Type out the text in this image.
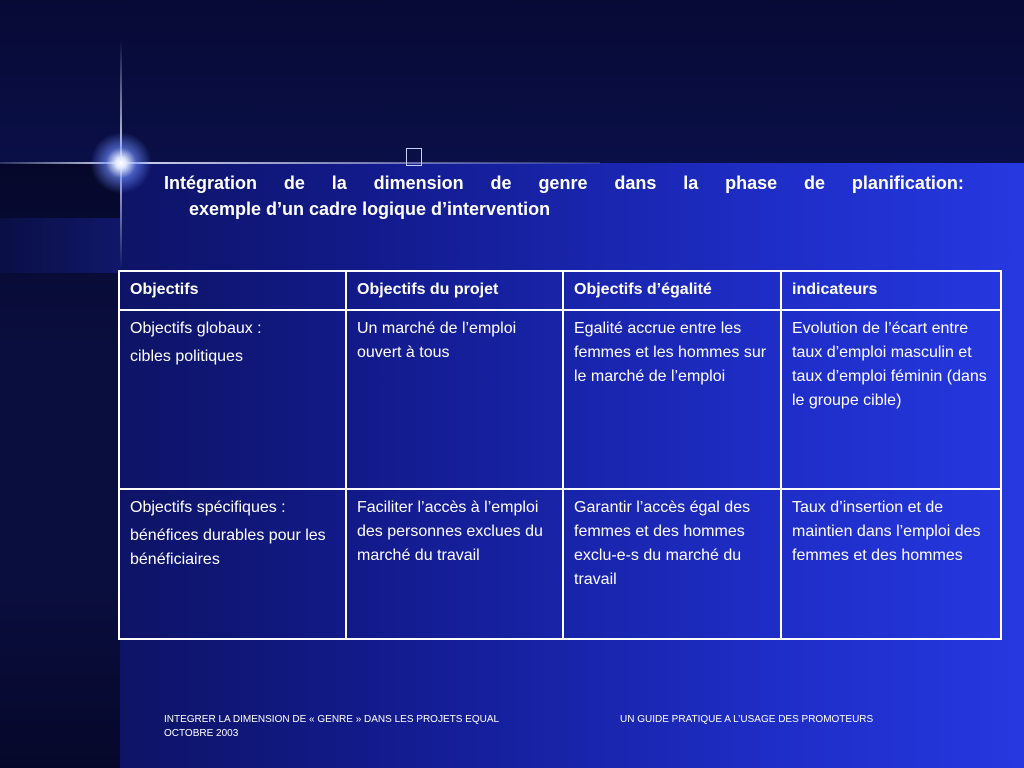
Intégration de la dimension de genre dans la phase de planification:
exemple d’un cadre logique d’intervention
Objectifs	Objectifs du projet	Objectifs d’égalité	indicateurs

Objectifs globaux :

cibles politiques	Un marché de l’emploi ouvert à tous	Egalité accrue entre les femmes et les hommes sur le marché de l’emploi	Evolution de l’écart entre taux d’emploi masculin et taux d’emploi féminin (dans le groupe cible)

Objectifs spécifiques :

bénéfices durables pour les bénéficiaires	Faciliter l’accès à l’emploi des personnes exclues du marché du travail	Garantir l’accès égal des femmes et des hommes exclu-e-s du marché du travail	Taux d’insertion et de maintien dans l’emploi des femmes et des hommes
INTEGRER LA DIMENSION DE « GENRE » DANS LES PROJETS EQUAL
OCTOBRE 2003
UN GUIDE PRATIQUE A L’USAGE DES PROMOTEURS
